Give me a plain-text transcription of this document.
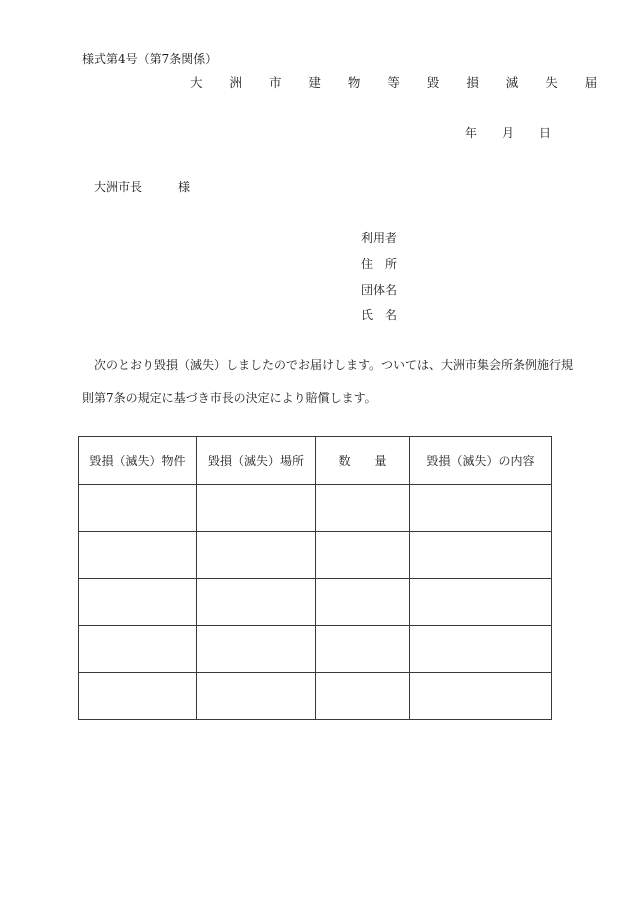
様式第4号（第7条関係）
大 洲 市 建 物 等 毀 損 滅 失 届
年 月 日
大洲市長	様
利用者
住　所
団体名
氏　名
次のとおり毀損（滅失）しましたのでお届けします。ついては、大洲市集会所条例施行規
則第7条の規定に基づき市長の決定により賠償します。
毀損（滅失）物件	毀損（滅失）場所	数　　量	毀損（滅失）の内容
